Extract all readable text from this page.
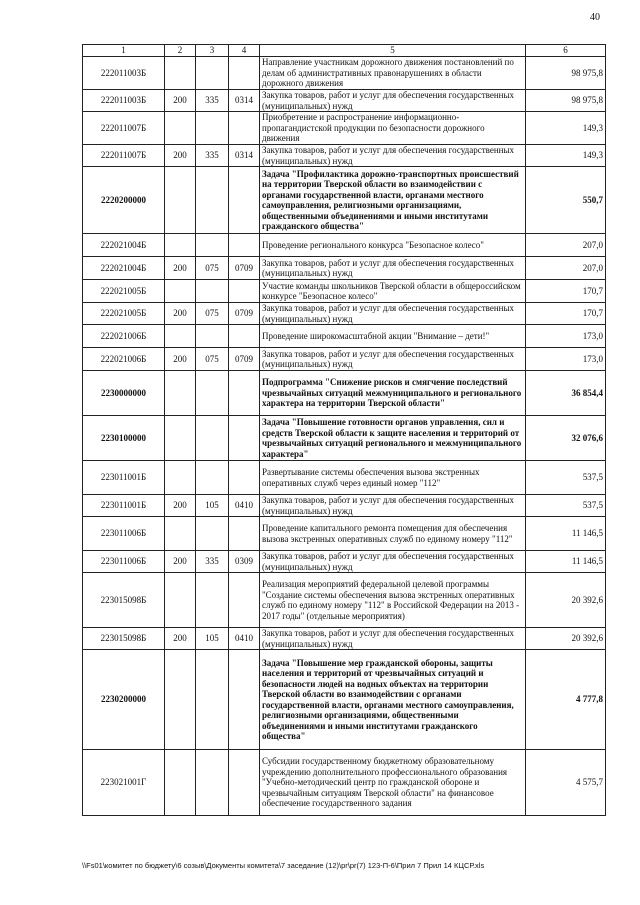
40
1	2	3	4	5	6
222011003Б				Направление участникам дорожного движения постановлений по делам об административных правонарушениях в области дорожного движения	98 975,8
222011003Б	200	335	0314	Закупка товаров, работ и услуг для обеспечения государственных (муниципальных) нужд	98 975,8
222011007Б				Приобретение и распространение информационно-пропагандистской продукции по безопасности дорожного движения	149,3
222011007Б	200	335	0314	Закупка товаров, работ и услуг для обеспечения государственных (муниципальных) нужд	149,3
2220200000				Задача "Профилактика дорожно-транспортных происшествий на территории Тверской области во взаимодействии с органами государственной власти, органами местного самоуправления, религиозными организациями, общественными объединениями и иными институтами гражданского общества"	550,7
222021004Б				Проведение регионального конкурса "Безопасное колесо"	207,0
222021004Б	200	075	0709	Закупка товаров, работ и услуг для обеспечения государственных (муниципальных) нужд	207,0
222021005Б				Участие команды школьников Тверской области в общероссийском конкурсе "Безопасное колесо"	170,7
222021005Б	200	075	0709	Закупка товаров, работ и услуг для обеспечения государственных (муниципальных) нужд	170,7
222021006Б				Проведение широкомасштабной акции "Внимание – дети!"	173,0
222021006Б	200	075	0709	Закупка товаров, работ и услуг для обеспечения государственных (муниципальных) нужд	173,0
2230000000				Подпрограмма "Снижение рисков и смягчение последствий чрезвычайных ситуаций межмуниципального и регионального характера на территории Тверской области"	36 854,4
2230100000				Задача "Повышение готовности органов управления, сил и средств Тверской области к защите населения и территорий от чрезвычайных ситуаций регионального и межмуниципального характера"	32 076,6
223011001Б				Развертывание системы обеспечения вызова экстренных оперативных служб через единый номер "112"	537,5
223011001Б	200	105	0410	Закупка товаров, работ и услуг для обеспечения государственных (муниципальных) нужд	537,5
223011006Б				Проведение капитального ремонта помещения для обеспечения вызова экстренных оперативных служб по единому номеру "112"	11 146,5
223011006Б	200	335	0309	Закупка товаров, работ и услуг для обеспечения государственных (муниципальных) нужд	11 146,5
223015098Б				Реализация мероприятий федеральной целевой программы "Создание системы обеспечения вызова экстренных оперативных служб по единому номеру "112" в Российской Федерации на 2013 - 2017 годы" (отдельные мероприятия)	20 392,6
223015098Б	200	105	0410	Закупка товаров, работ и услуг для обеспечения государственных (муниципальных) нужд	20 392,6
2230200000				Задача "Повышение мер гражданской обороны, защиты населения и территорий от чрезвычайных ситуаций и безопасности людей на водных объектах на территории Тверской области во взаимодействии с органами государственной власти, органами местного самоуправления, религиозными организациями, общественными объединениями и иными институтами гражданского общества"	4 777,8
223021001Г				Субсидии государственному бюджетному образовательному учреждению дополнительного профессионального образования "Учебно-методический центр по гражданской обороне и чрезвычайным ситуациям Тверской области" на финансовое обеспечение государственного задания	4 575,7
\\Fs01\комитет по бюджету\6 созыв\Документы комитета\7 заседание (12)\pr\pr(7) 123-П-6\Прил 7 Прил 14 КЦСР.xls
